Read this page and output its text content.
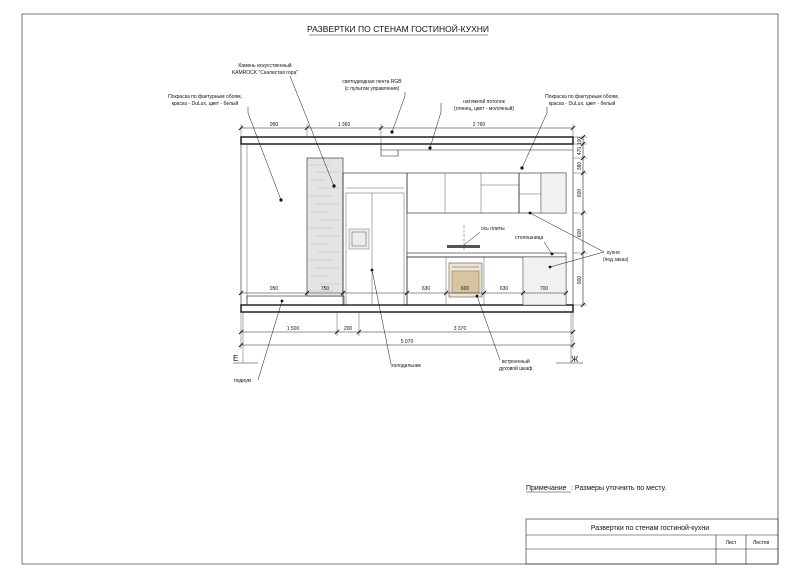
РАЗВЕРТКИ ПО СТЕНАМ ГОСТИНОЙ-КУХНИ
950	1 360	2 760
950	750	630	600	630	700
1 500	200	3 370
5 070
100
470
380
600
600
900
Е	Ж
Покраска по фактурным обоям,
краска - DuLux, цвет - белый
Камень искусственный
KAMROCK "Скалистая гора"
светодиодная лента RGB
(с пультом управления)
натяжной потолок
(глянец, цвет - молочный)
Покраска по фактурным обоям,
краска - DuLux, цвет - белый
ось плиты
столешница
кухня
(под заказ)
подиум
холодильник
встроенный
духовой шкаф
Примечание : Размеры уточнить по месту.
Развертки по стенам гостиной-кухни
Лист	Листов
